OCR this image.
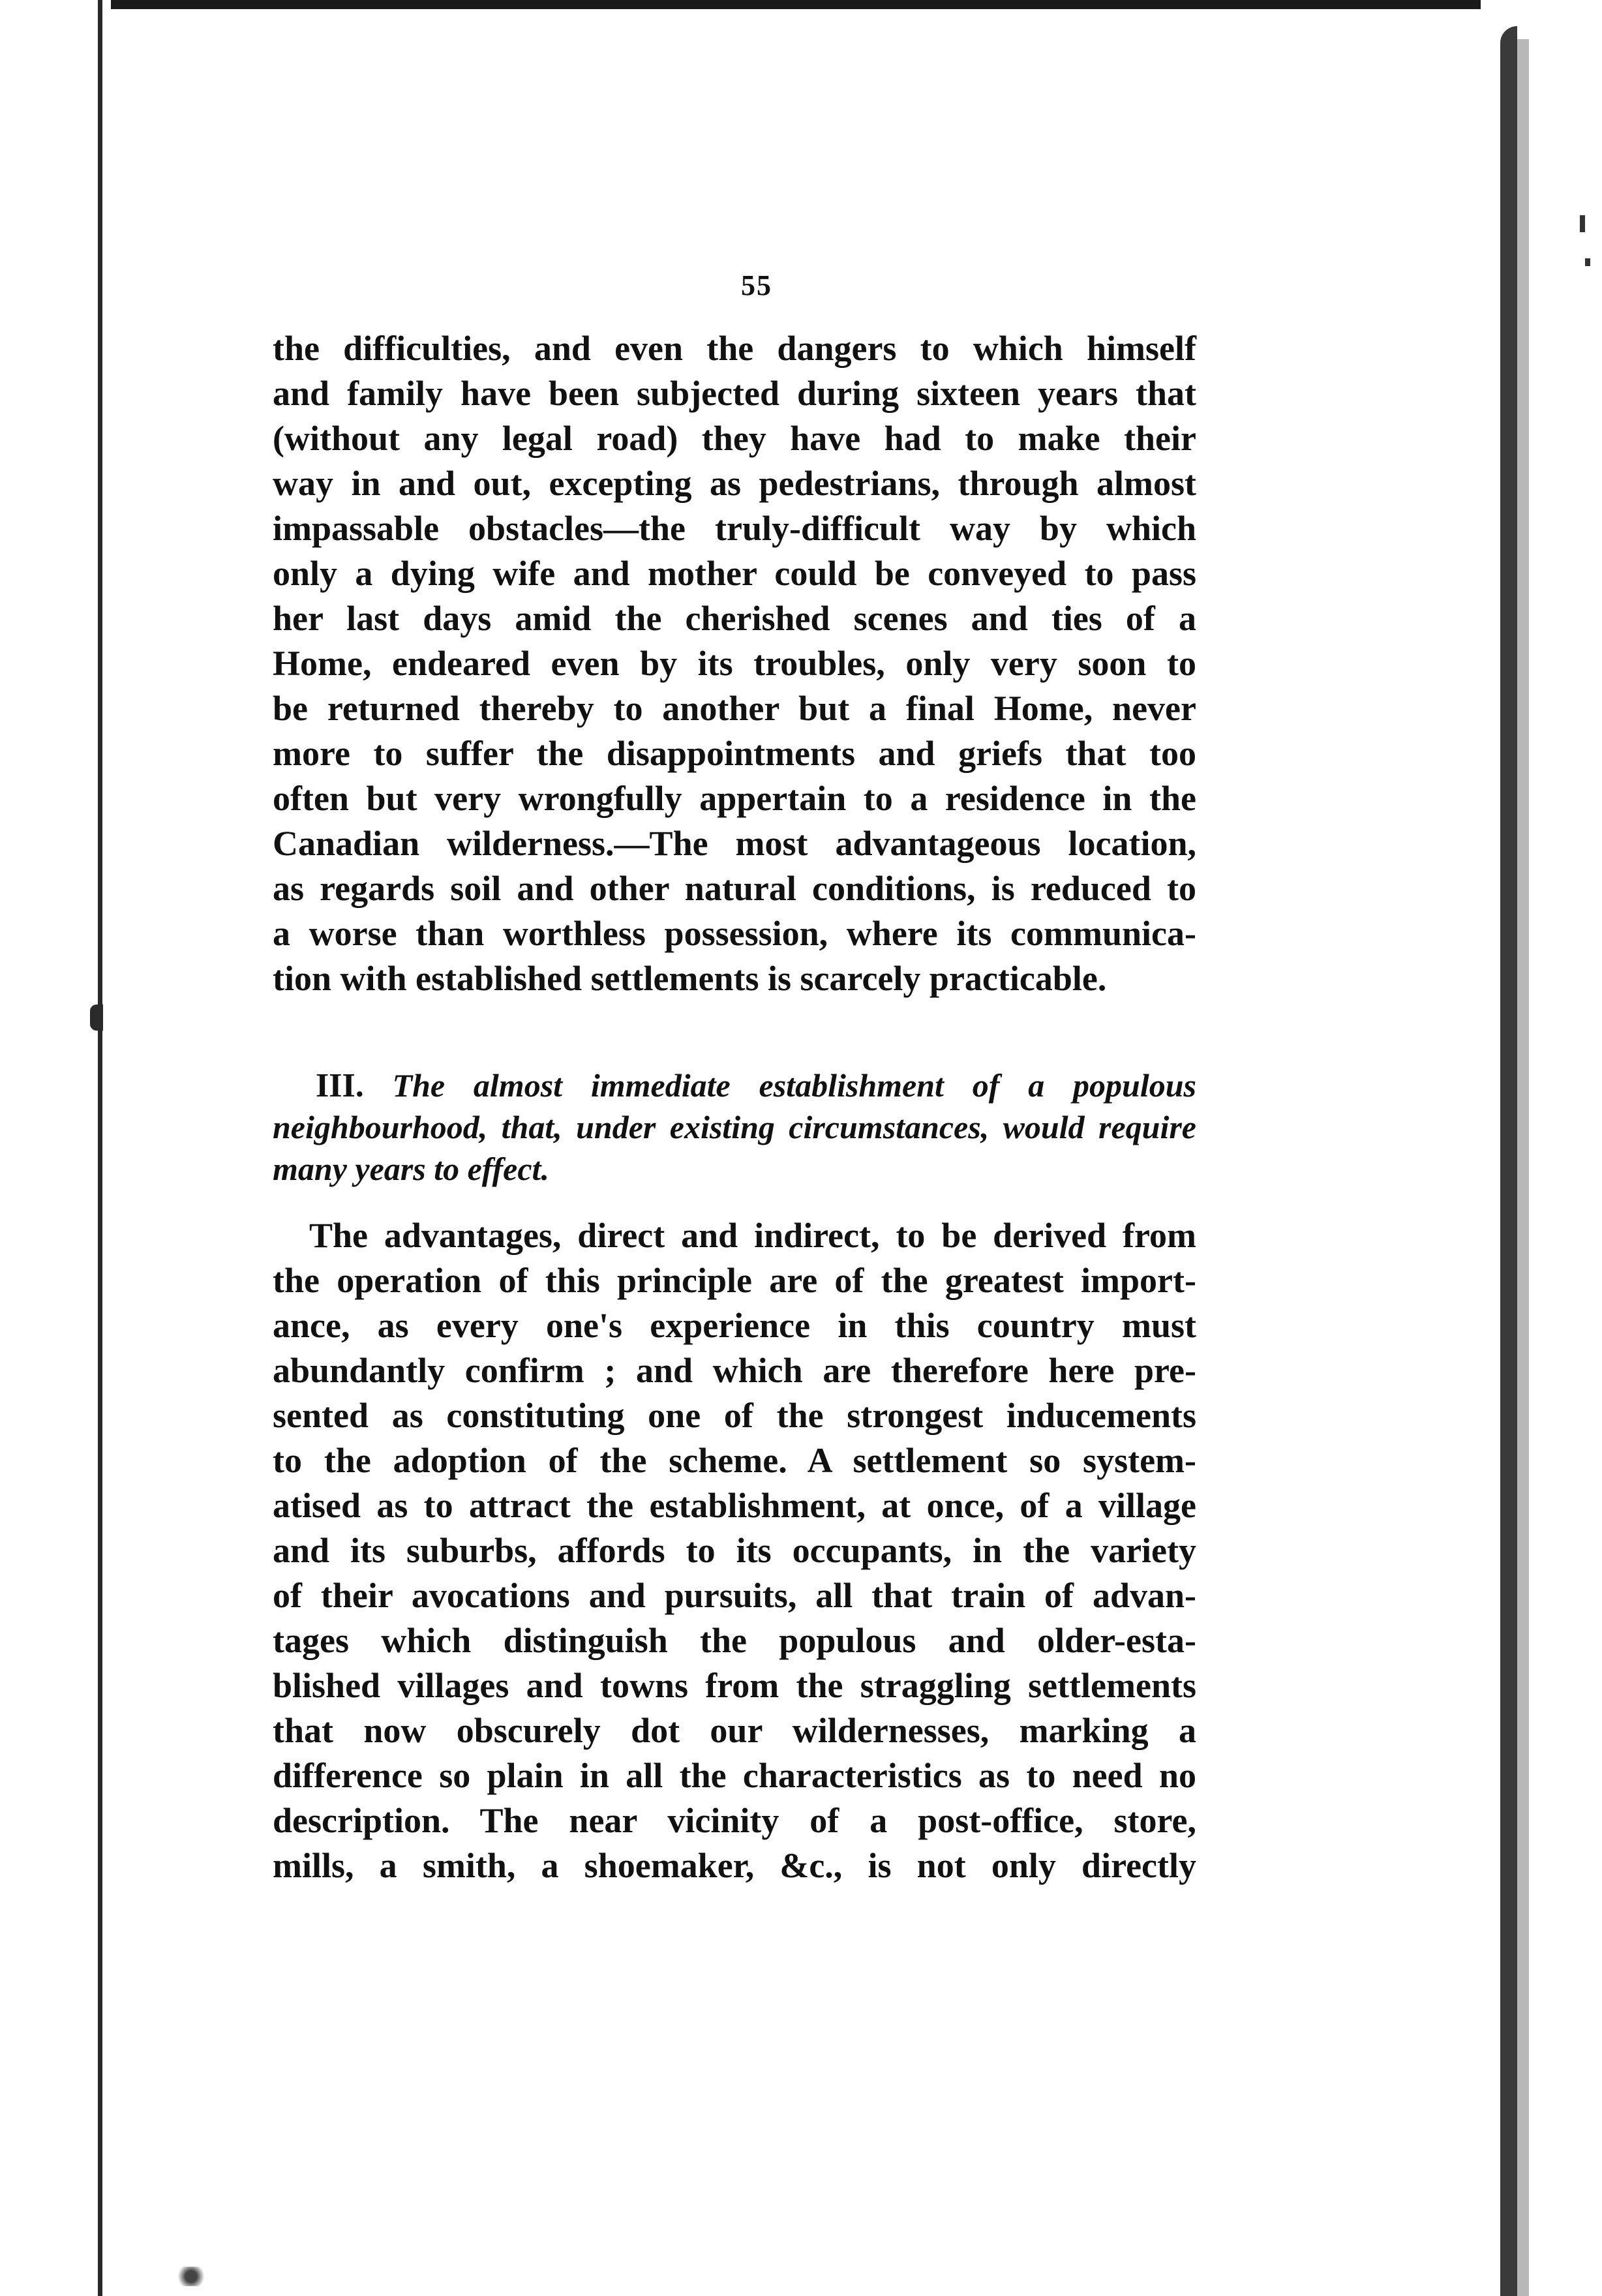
55
the difficulties, and even the dangers to which himself
and family have been subjected during sixteen years that
(without any legal road) they have had to make their
way in and out, excepting as pedestrians, through almost
impassable obstacles—the truly-difficult way by which
only a dying wife and mother could be conveyed to pass
her last days amid the cherished scenes and ties of a
Home, endeared even by its troubles, only very soon to
be returned thereby to another but a final Home, never
more to suffer the disappointments and griefs that too
often but very wrongfully appertain to a residence in the
Canadian wilderness.—The most advantageous location,
as regards soil and other natural conditions, is reduced to
a worse than worthless possession, where its communica-
tion with established settlements is scarcely practicable.
III. The almost immediate establishment of a populous
neighbourhood, that, under existing circumstances, would require
many years to effect.
The advantages, direct and indirect, to be derived from
the operation of this principle are of the greatest import-
ance, as every one's experience in this country must
abundantly confirm ; and which are therefore here pre-
sented as constituting one of the strongest inducements
to the adoption of the scheme. A settlement so system-
atised as to attract the establishment, at once, of a village
and its suburbs, affords to its occupants, in the variety
of their avocations and pursuits, all that train of advan-
tages which distinguish the populous and older-esta-
blished villages and towns from the straggling settlements
that now obscurely dot our wildernesses, marking a
difference so plain in all the characteristics as to need no
description. The near vicinity of a post-office, store,
mills, a smith, a shoemaker, &c., is not only directly
